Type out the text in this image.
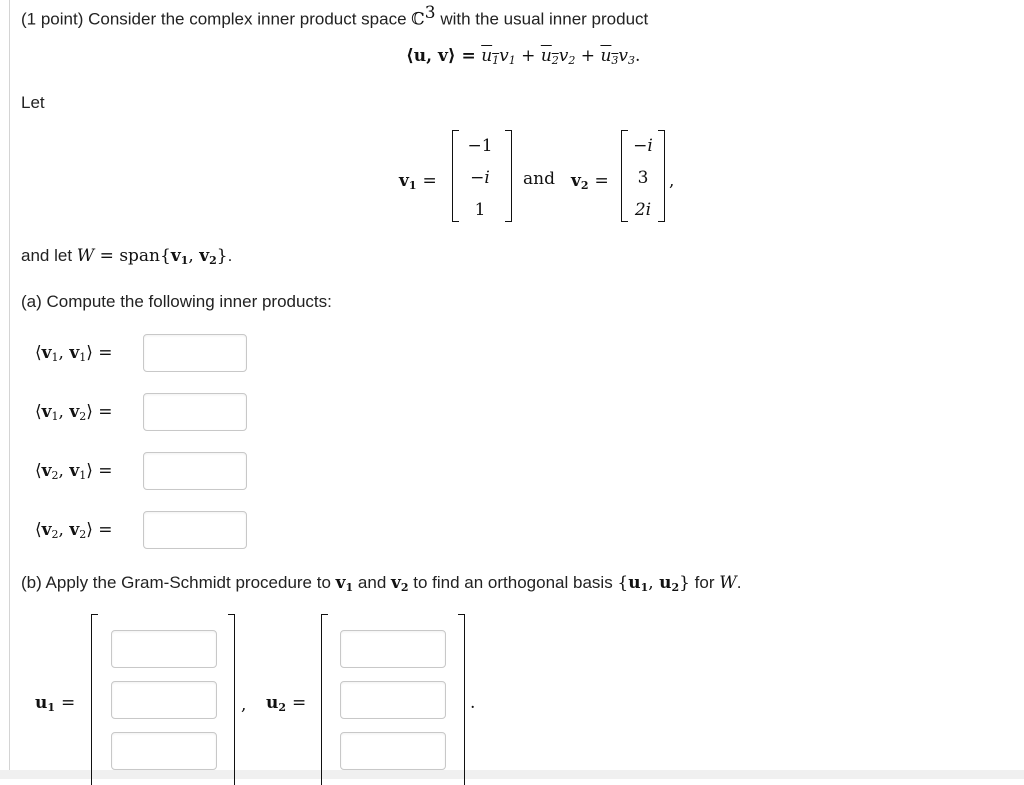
(1 point) Consider the complex inner product space ℂ$^3$ with the usual inner product
⟨u, v⟩ = $u_1v_1 + u_2v_2 + u_3v_3$.
Let
$v_1$ =
−1
−i
1
and $v_2$ =
−i
3
2i
,
and let $W = span\{v_1$, $v_2$}.
(a) Compute the following inner products:
$⟨v_1$, $v_1⟩$ =
$⟨v_1$, $v_2⟩$ =
$⟨v_2$, $v_1⟩$ =
$⟨v_2$, $v_2⟩$ =
(b) Apply the Gram-Schmidt procedure to $v_1$ and $v_2$ to find an orthogonal basis {$u_1$, $u_2$} for W.
$u_1$ =	, $u_2$ =	.
